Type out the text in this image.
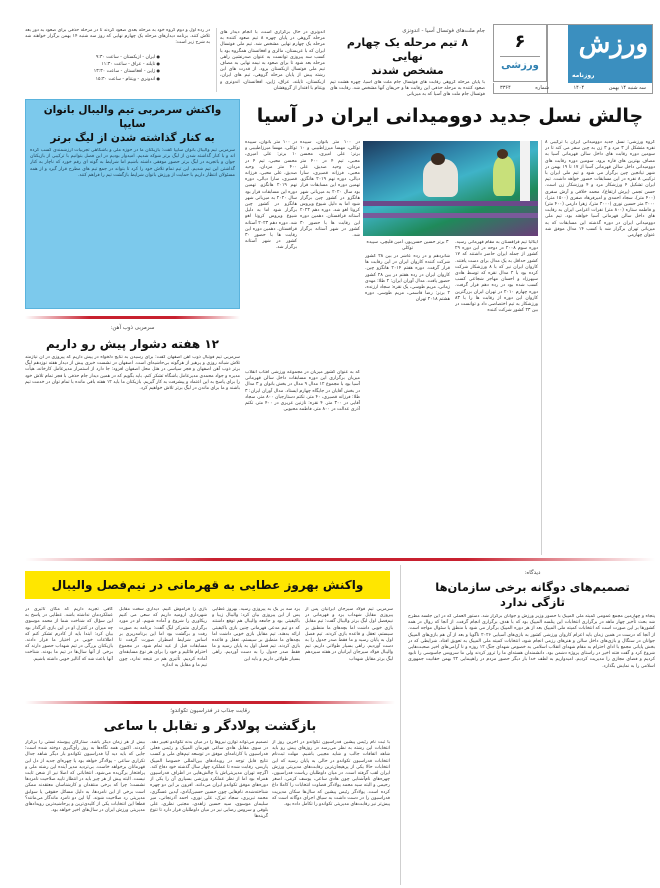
ورزش
روزنامه
۶
ورزشی
سه شنبه ۱۴ بهمن
۱۴۰۴
شماره
۳۳۶۴
جام ملت‌های فوتسال آسیا - اندونزی
۸ تیم مرحله یک چهارم نهایی
مشخص شدند
با پایان مرحله گروهی رقابت های فوتسال جام ملت های آسیا، چهره هشت تیم صعود کننده به مرحله حذفی این رقابت ها و حریفان آنها مشخص شد. رقابت های فوتسال جام ملت های آسیا که به میزبانی
اندونزی در حال برگزاری است، با انجام دیدار های مرحله گروهی در پایان چهره ۸ تیم صعود کننده به مرحله یک چهارم نهایی مشخص شد. تیم ملی فوتسال ایران که با عربستان، مالزی و افغانستان همگروه بود با کسب سه پیروزی توانست به عنوان صدرنشین راهی مرحله بعد شود تا برای صعود به نیمه نهایی به مصاف تیم ملی فوتسال ازبکستان برود. از قدرت های این رشته پیش از پایان مرحله گروهی، تیم های ایران، ازبکستان، تایلند، عراق، ژاپن، افغانستان، اندونزی و ویتنام با اقتدار از گروهشان
در رده اول و دوم گروه خود به مرحله بعدی صعود کردند تا در مرحله حذفی برای صعود به دور بعد تلاش کنند. برنامه دیدارهای مرحله یک چهارم نهایی که روز سه شنبه ۱۴ بهمن برگزار خواهند شد به شرح زیر است:
● ایران - ازبکستان - ساعت ۹:۳۰
● تایلند - عراق - ساعت ۱۱:۳۰
● ژاپن - افغانستان - ساعت ۱۳:۳۰
● اندونزی - ویتنام - ساعت ۱۵:۳۰
واکنش سرمربی تیم والیبال بانوان سایپا
به کنار گذاشته شدن از لیگ برتر
سرمربی تیم والیبال بانوان سایپا گفت: بازیکنان ما در حوزه ملی و باشگاهی تجربیات ارزشمندی کسب کرده اند و با کنار گذاشته شدن از لیگ برتر شوکه شدیم. امیدوار بودیم در این فصل بتوانیم با ترکیبی از بازیکنان جوان و باتجربه در لیگ برتر حضور موفقی داشته باشیم اما شرایط به گونه ای رقم خورد که ناچار به کنار گذاشتن این تیم شدیم. این تیم تمام تلاش خود را کرد تا بتواند در جمع تیم های مطرح قرار گیرد و از همه مسئولان انتظار داریم با حمایت از ورزش بانوان شرایط بازگشت تیم را فراهم کنند.
چالش نسل جدید دوومیدانی ایران در آسیا
گروه ورزشی: نسل جدید دوومیدانی ایران با ترکیبی ۸ نفره متشکل از ۳ مرد و ۳ زن به چین سفر می کند تا در سومین دوره رقابت های داخل سالن قهرمانی آسیا به مصاف بهترین های قاره برود. سومین دوره رقابت های دوومیدانی داخل سالن قهرمانی آسیا از ۱۷ تا ۱۹ بهمن در شهر تیانجین چین برگزار می شود و تیم ملی ایران با ترکیبی ۸ نفره در این مسابقات حضور خواهد داشت. تیم ایران تشکیل ۴ ورزشکار مرد و ۴ ورزشکار زن است. حسن تجمی (پرش ارتفاع)، محمد خلاقی و آرش سفری (۴۰۰ متر)، سجاد احمدی و امیرفرهاد صفری (۱۵۰۰ متر)، ۳۰۰۰ متر حسین نوری (۳۰۰۰ متر)، زهرا دارمی (۴۰۰ متر) و فاطمه ستاره (۸۰۰ متر) نفرات اعزامی ایران به رقابت های داخل سالن قهرمانی آسیا خواهند بود. تیم ملی دوومیدانی ایران در دوره گذشته این مسابقات که به میزبانی تهران برگزار شد با کسب ۱۴ مدال موفق شد عنوان چهارمی
ایتالیا تیم قزاقستان به مقام قهرمانی رسید. دوره سوم ۲۰۰۸ در دوحه در این دوره ۲۹ کشور از جمله ایران حاضر داشتند که ۱۷ کشور حداقل به یک مدال برای دست یافتند. کاروان ایران نیز که با ۸ ورزشکار شرکت کرده بود با ۲ مدال نقره که توسط هادی سپهرزاد و احسان مهاجر شجاعی کسب کسب شده بود در رده دهم قرار گرفت. دوره چهارم ۲۰۱۰ در تهران ایران بزرگترین کاروان این دوره از رقابت ها را با ۸۳ ورزشکار به تیم اختصاصی داد و توانست در بین ۲۳ کشور شرکت کننده
۳ برنز حسین حسن‌پور، امین قلیچی، سپیده توکلی
شانزدهم و در رده عاشر در بین ۲۸ کشور شرکت کننده کاروان ایران در این رقابت ها قرار گرفت. دوره هفتم ۲۰۱۴ هانگژو چین. کاروان ایران در رده هفتم در بین ۲۸ کشور حضور یافت. مدال آوران ایران: ۲ طلا: مهدی زمانی، مریم طوسی، یک نقره: سجاد ارزنده، ۲ برنز: رضا قاسمی، مریم طوسی. دوره هشتم ۲۰۱۸ تهران
در ۱۰۰ متر بانوان، سپیده توکلی، مهسا میرزاطبیبی و ۱۰ برنز: علی امیری، محسن محبی، تیم ۴ در ۴۰۰ متر مردان، وحید صدیق، علی محبی، فرزانه قصیری، سارا دیالی، دوره نهم ۲۰۱۹ هانگژو. تهمین دوره این مسابقات قرار بود سال ۲۰۲۰ به میزبانی شهر هانگژو در کشور چین برگزار شود اما به دلیل شیوع ویروس کرونا لغو شد. دوره دهم ۲۰۲۳ آستانه قزاقستان. دهمین دوره این رقابت ها با حضور ۳۰ کشور در شهر آستانه برگزار شد.
در ۱۰۰ متر بانوان، سپیده توکلی، مهسا میرزاطبیبی و ۱۰ برنز: علی امیری، محسن محبی، تیم ۴ در ۴۰۰ متر مردان، وحید صدیق، علی محبی، فرزانه قصیری، سارا دیالی، دوره نهم ۲۰۱۹ هانگژو. تهمین دوره این مسابقات قرار بود سال ۲۰۲۰ به میزبانی شهر هانگژو در کشور چین برگزار شود اما به دلیل شیوع ویروس کرونا لغو شد. دوره دهم ۲۰۲۳ آستانه قزاقستان. دهمین دوره این رقابت ها با حضور ۳۰ کشور در شهر آستانه برگزار شد.
که به عنوان کشور میزبان در مجموعه ورزشی آفتاب انقلاب میزبان برگزاری این دوره مسابقات داخل سالن قهرمانی آسیا بود با مجموع ۱۲ مدال ۹ مدال در بخش بانوان و ۳ مدال در بخش آقایان در جایگاه چهارم ایستاد. مدال آوران ایران: ۳ طلا: فرزانه قصیری، ۴۰ متر، تکتم دستارجبان ۸۰۰ متر، سجاد آقایی در ۳۰۰ متر. ۴ نقره: نازنین عزیزی در ۴۰۰ متر، تکتم آذری عدالت در ۸۰۰ متر، فاطمه محبوبی
سرمربی ذوب آهن:
۱۲ هفته دشوار پیش رو داریم
سرمربی تیم فوتبال ذوب آهن اصفهان گفت: برای رسیدن به نتایج دلخواه در پیش داریم که پیروزی در آن نیازمند تلاش شبانه روزی و پرهیز از هرگونه بی‌حاشیه‌ای است. اصفهان در نشست خبری پیش از دیدار هفته نوزدهم لیگ برتر ذوب آهن اصفهان و فجر سپاسی در هتل محل اصفهان افزود: جا دارد از استمرار مدیرعامل کارخانه، هیأت مدیره و جواد محمدی مدیرعامل باشگاه تشکر کنم. باید بگویم که در همین دیدار جام حذفی با فجر تمام تلاش خود را برای پاسخ به این اعتماد و پیشرفت به کار گیریم. بازیکنان ما باید ۱۲ هفته باقی مانده با تمام توان در خدمت تیم باشند و ما برای ماندن در لیگ برتر تلاش خواهیم کرد.
واکنش بهروز عطایی به قهرمانی در نیم‌فصل والیبال
سرمربی تیم فولاد سیرجان ایرانیان پس از پیروزی مقابل شهداب یزد و قهرمانی در نیم‌فصل اول لیگ برتر والیبال گفت: تیم مقابل بازی خوبی داشت اما بچه‌های ما منطبق بر سیستم، تعقل و قاعده بازی کردند. تیم فصل اول به پایان رسید و ما فقط صدر جدول را به دست آوردیم. راهی بسیار طولانی داریم. تیم والیبال فولاد سیرجان ایرانیان در هفته سیزدهم لیگ برتر مقابل شهداب
یزد سه بر یک به پیروزی رسید. بهروز عطایی پس از این پیروزی بیان کرد: والیبال زیبا و باکیفیتی بود و جامعه والیبال هم توقع داشتند که دو تیم مدعی قهرمانی چنین بازی باکیفیتی ارائه بدهند. تیم مقابل بازی خوبی داشت اما بچه‌های ما منطبق بر سیستم، تعقل و قاعده بازی کردند. تیم فصل اول به پایان رسید و ما فقط صدر جدول را به دست آوردیم. راهی بسیار طولانی داریم و باید این
بازی را فراموش کنیم. دیداری سخت مقابل شهرداری ارومیه داریم که سعی می کنیم ریکاوری را شروع و آماده شویم. او در مورد برگزاری متمرکز لیگ گفت: برنامه به صورت رفت و برگشت بود اما این برنامه‌ریزی بر اساس شرایط اضطرار صورت گرفت تا مسابقات قبل از عید تمام شود. در مجموع احترام قائلیم و خود را برای هر نوع مسابقه‌ای آماده کردیم. تأثیری هم در نتیجه ندارد، چون تیم ما و مقابل به اندازه
کافی تجربه داریم که مکان تأثیری در عملکردمان نداشته باشد. عطایی در پاسخ به این سؤال که شناخت شما از محمد موسوی چه میزان در کنترل او در این بازی اثرگذار بود بیان کرد: ابتدا باید از کادرم تشکر کنم که اطلاعات خوبی در اختیار ما قرار دادند. بازیکنان بزرگی در تیم شهداب حضور دارند که برخی از آنها سال‌ها در تیم ما بودند. شناخت آنها باعث شد که آنالیز خوبی داشته باشیم.
دیدگاه:
تصمیم‌های دوگانه برخی سازمان‌ها
تازگی ندارد
پنجاه و چهارمین مجمع عمومی کمیته ملی المپیک با حضور وزیر ورزش و جوانان برگزار شد. دستور العملی که در این جلسه مطرح شد بحث تأخیر چهار ماهه در برگزاری انتخابات این پنلسه المپیک بود که با هدف برگزاری انجام گرفت. از آنجا که روال در همه کشورها بر این صورت است که انتخابات کمیته ملی المپیک بعد از هر دوره المپیک برگزار می شود با منطق یا سئوال مواجه است. از آنجا که درست در همین زمان باید اعزام کاروان ورزشی کشور به بازی‌های آسیایی ۲۰۲۶ ناگویا و بعد از آن هم بازی‌های المپیک جوانان در سنگال و بازی‌های داخل سالن و هنرهای رزمی انجام شود، انتخابات کمیته ملی المپیک به تعویق افتاد. شرایطی که در بخش پایانی مجمع با ادای احترام به مقام شهدای انقلاب اسلامی به خصوص شهدای جنگ ۱۲ روزه و نا آرامی‌های اخیر صحبت‌هایی شروع کرد و گفت فتنه اخیر در راستای پروژه دشمن بود. دانشمندان هسته‌ای ما را ترور کردند ولی ما سرویس جاسوسی را نابود کردیم و فضای مجازی را مدیریت کردیم. امیدواریم به لطف خدا بار دیگر حضور مردم در راهپیمایی ۲۲ بهمن حقانیت جمهوری اسلامی را به نمایش بگذارد.
رقابت جذاب در فدراسیون تکواندو؛
بازگشت پولادگر و تقابل با ساعی
با ثبت نام رئیس پیشین فدراسیون تکواندو در آخرین روز از انتخابات این رشته به نظر می‌رسد در روزهای پیش رو باید شاهد اتفاقات جالب و شاید مجیبی باشیم. مهلت ثبت‌نام انتخابات فدراسیون تکواندو در حالی به پایان رسید که این انتخابات حالا یکی از پرهیجان‌ترین رقابت‌های مدیریتی ورزش ایران لقب گرفته است. در میان داوطلبان ریاست فدراسیون، چهره‌های نام‌آشنایی چون هادی ساعی، یوسف کرمی، اصغر رحیمی و البته سید محمد پولادگر قضاوت انتخابات را کاملا داغ کرده است. پولادگر رئیس پیشین که سال‌ها سکان مدیریت فدراسیون را در دست داشت به سیاق اجرای دوگانه است که پیش‌تر نیز رقابت‌های مدیریتی تکواندو را تکامل داده بود.
تصمیم می‌تواند توازن نیروها را در میان بدنه تکواندو تغییر دهد. در سوی مقابل هادی ساعی قهرمان المپیک و رئیس فعلی فدراسیون با کارنامه‌ای موفق در توسعه تیم‌های ملی و کسب نتایج قابل توجه در رویدادهای بین‌المللی خصوصا المپیک پاریس، رقابت شده تا عملکرد چهار سال گذشته خود دفاع کند. اگرچه تهران مدیریتی‌اش با چالش‌هایی در اطراف فدراسیون همراه بود اما از نظر عملکرد ورزشی بسیاری آن را یکی از دوره‌های موفق تکواندو ایران می‌دانند. افزون بر این دو چهره شناخته‌شده، نام‌هایی چون حسین حسین‌آبادی، آیدین عسگری، محمد تبریزی، سجاد تبرک، علی نوری، احمد آذرنجانی، میر سلیمان موسوی، سید حسین زاهدی، مجتبی نظری، علی بلوقی و سروس رضایی نیز در میان داوطلبان قرار دارد تا تنوع گزینه‌ها
بیش از هر زمان دیگر باشد. ستارگان پیوسته تستی را برگزار کردند. اکنون همه نگاه‌ها به روز رأی‌گیری دوخته شده است؛ جایی که باید دید آیا فدراسیون تکواندو بار دیگر شاهد جدال تکراری ساعی - پولادگر خواهد بود یا چهره‌ای جدید از دل این قهرمانان برخواهد خاست. بی‌تردید مدیر آینده این رشته ملی و پرافتخار برگزیده می‌شود. انتخاباتی که اصلا نیز از شعن ثابت نیست. البته پیش از هر چیز باید در انتظار تایید صلاحیت نامزدها نشست؛ چرا که برخی منتقدان و کارشناسان معتقدند ممکن است برخی از این نامزدها، به دلیل مسائل حقوقی یا سوابق مدیریتی رد صلاحیت شوند. آیا این دو نامزد ماندگار می‌مانند؟ قطعا این انتخابات یکی از کلیدی‌ترین و پرحاشیه‌ترین رویدادهای مدیریتی ورزش ایران در سال‌های اخیر خواهد بود.
